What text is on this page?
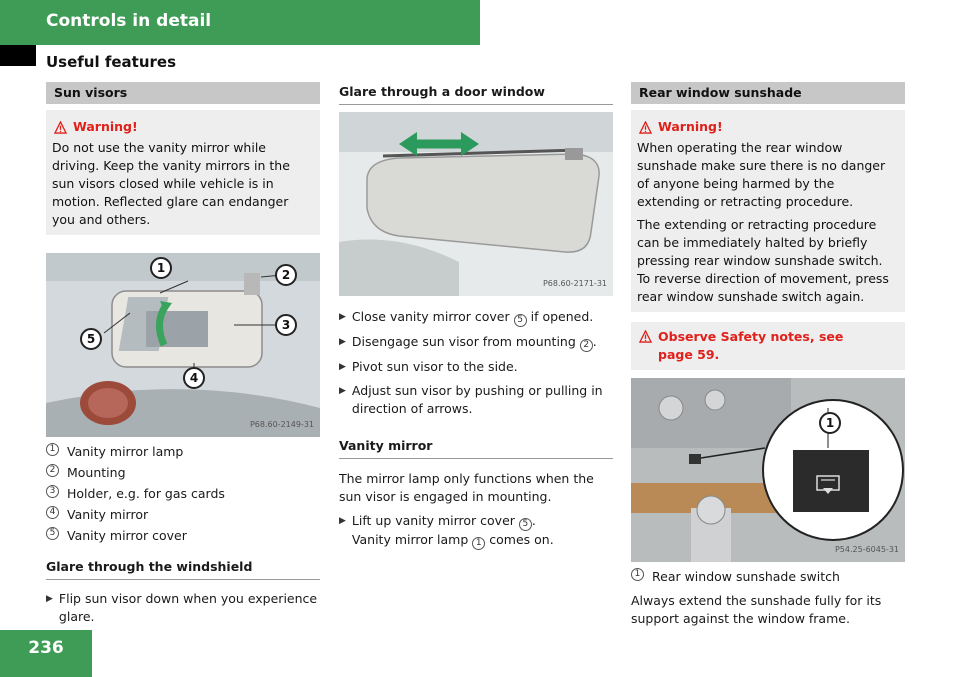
Controls in detail
Useful features
Sun visors
Warning!
Do not use the vanity mirror while driving. Keep the vanity mirrors in the sun visors closed while vehicle is in motion. Reflected glare can endanger you and others.
1	2
3
4
5
P68.60-2149-31
1 Vanity mirror lamp
2 Mounting
3 Holder, e.g. for gas cards
4 Vanity mirror
5 Vanity mirror cover
Glare through the windshield
▶ Flip sun visor down when you experience glare.
Glare through a door window
P68.60-2171-31
▶ Close vanity mirror cover 5 if opened.
▶ Disengage sun visor from mounting 2 .
▶ Pivot sun visor to the side.
▶ Adjust sun visor by pushing or pulling in direction of arrows.
Vanity mirror
The mirror lamp only functions when the sun visor is engaged in mounting.
▶ Lift up vanity mirror cover 5 .
Vanity mirror lamp 1 comes on.
Rear window sunshade
Warning!
When operating the rear window sunshade make sure there is no danger of anyone being harmed by the extending or retracting procedure.
The extending or retracting procedure can be immediately halted by briefly pressing rear window sunshade switch. To reverse direction of movement, press rear window sunshade switch again.
Observe Safety notes, see page 59.
1
P54.25-6045-31
1 Rear window sunshade switch
Always extend the sunshade fully for its support against the window frame.
236
